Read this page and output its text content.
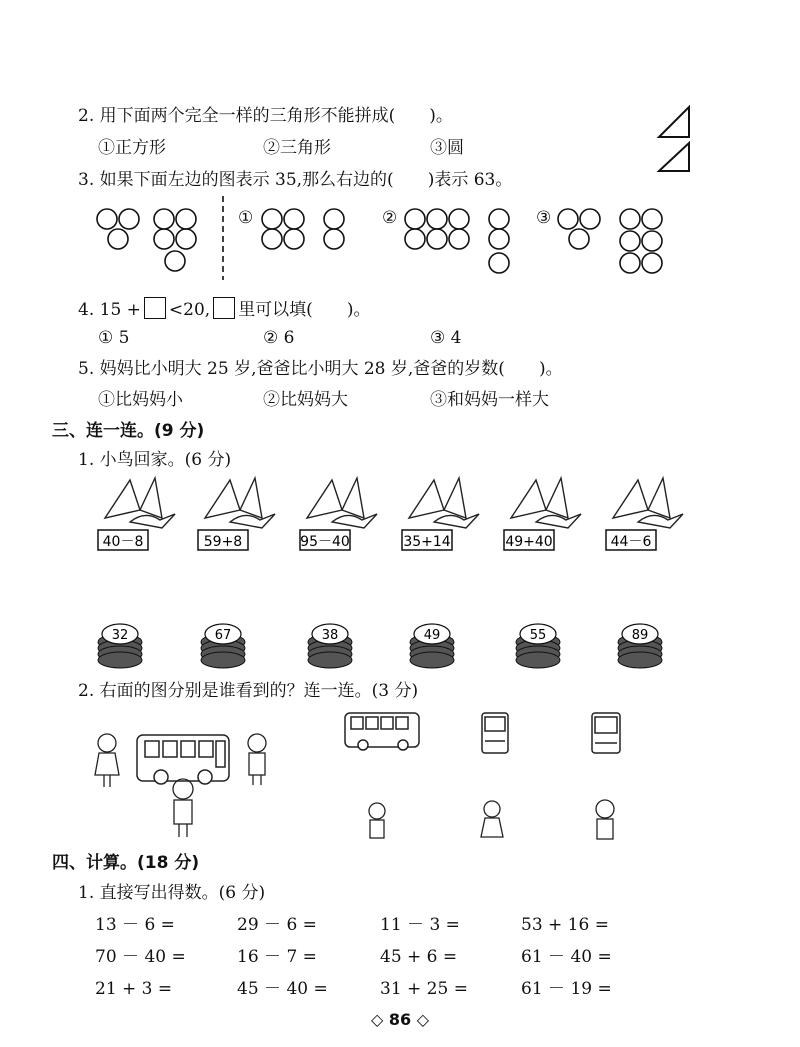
2. 用下面两个完全一样的三角形不能拼成(　　)。
①正方形	②三角形	③圆
3. 如果下面左边的图表示 35,那么右边的(　　)表示 63。
①	②	③
4. 15 + <20, 里可以填(　　)。
① 5	② 6	③ 4
5. 妈妈比小明大 25 岁,爸爸比小明大 28 岁,爸爸的岁数(　　)。
①比妈妈小	②比妈妈大	③和妈妈一样大
三、连一连。(9 分)
1. 小鸟回家。(6 分)
40－8	59+8	95－40	35+14	49+40	44－6
32	67	38	49	55	89
2. 右面的图分别是谁看到的？连一连。(3 分)
四、计算。(18 分)
1. 直接写出得数。(6 分)
13 － 6 =	29 － 6 =	11 － 3 =	53 + 16 =
70 － 40 =	16 － 7 =	45 + 6 =	61 － 40 =
21 + 3 =	45 － 40 =	31 + 25 =	61 － 19 =
◇ 86 ◇
